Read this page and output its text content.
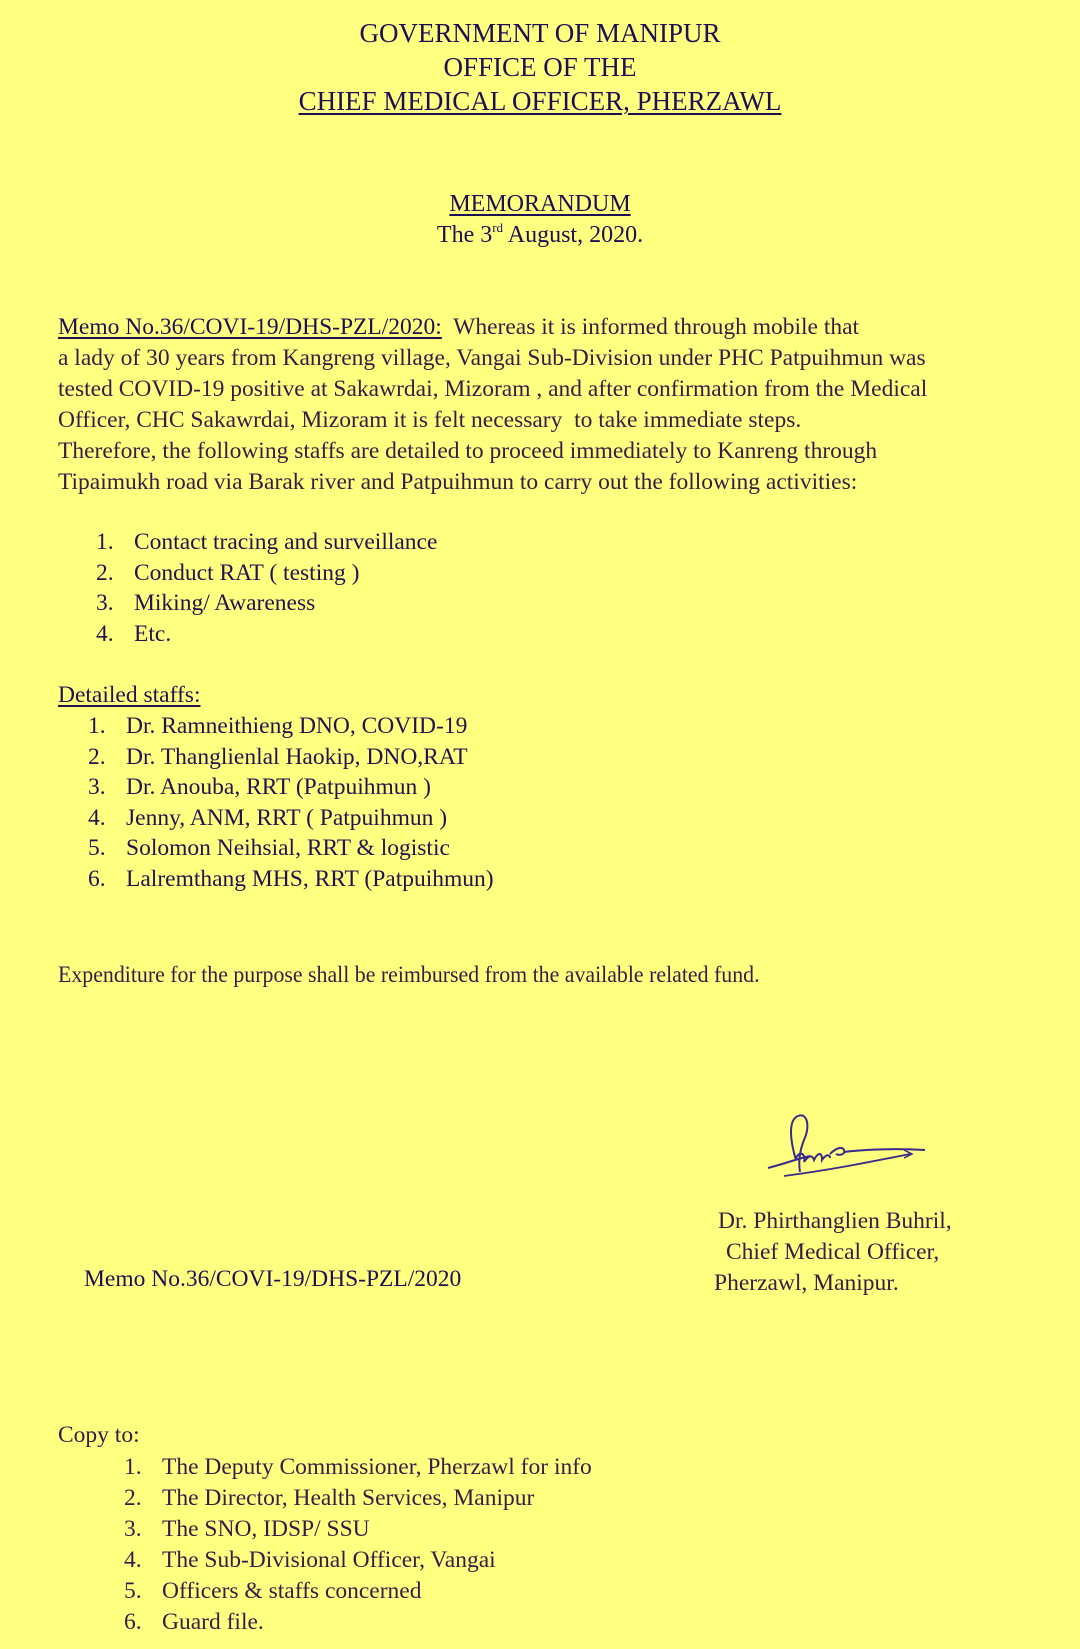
GOVERNMENT OF MANIPUR
OFFICE OF THE
CHIEF MEDICAL OFFICER, PHERZAWL
MEMORANDUM
The 3rd August, 2020.
Memo No.36/COVI-19/DHS-PZL/2020: Whereas it is informed through mobile that
a lady of 30 years from Kangreng village, Vangai Sub-Division under PHC Patpuihmun was
tested COVID-19 positive at Sakawrdai, Mizoram , and after confirmation from the Medical
Officer, CHC Sakawrdai, Mizoram it is felt necessary  to take immediate steps.
Therefore, the following staffs are detailed to proceed immediately to Kanreng through
Tipaimukh road via Barak river and Patpuihmun to carry out the following activities:
1. Contact tracing and surveillance
2. Conduct RAT ( testing )
3. Miking/ Awareness
4. Etc.
Detailed staffs:
1. Dr. Ramneithieng DNO, COVID-19
2. Dr. Thanglienlal Haokip, DNO,RAT
3. Dr. Anouba, RRT (Patpuihmun )
4. Jenny, ANM, RRT ( Patpuihmun )
5. Solomon Neihsial, RRT & logistic
6. Lalremthang MHS, RRT (Patpuihmun)
Expenditure for the purpose shall be reimbursed from the available related fund.
Dr. Phirthanglien Buhril,
Chief Medical Officer,
Pherzawl, Manipur.
Memo No.36/COVI-19/DHS-PZL/2020
Copy to:
1. The Deputy Commissioner, Pherzawl for info
2. The Director, Health Services, Manipur
3. The SNO, IDSP/ SSU
4. The Sub-Divisional Officer, Vangai
5. Officers & staffs concerned
6. Guard file.
